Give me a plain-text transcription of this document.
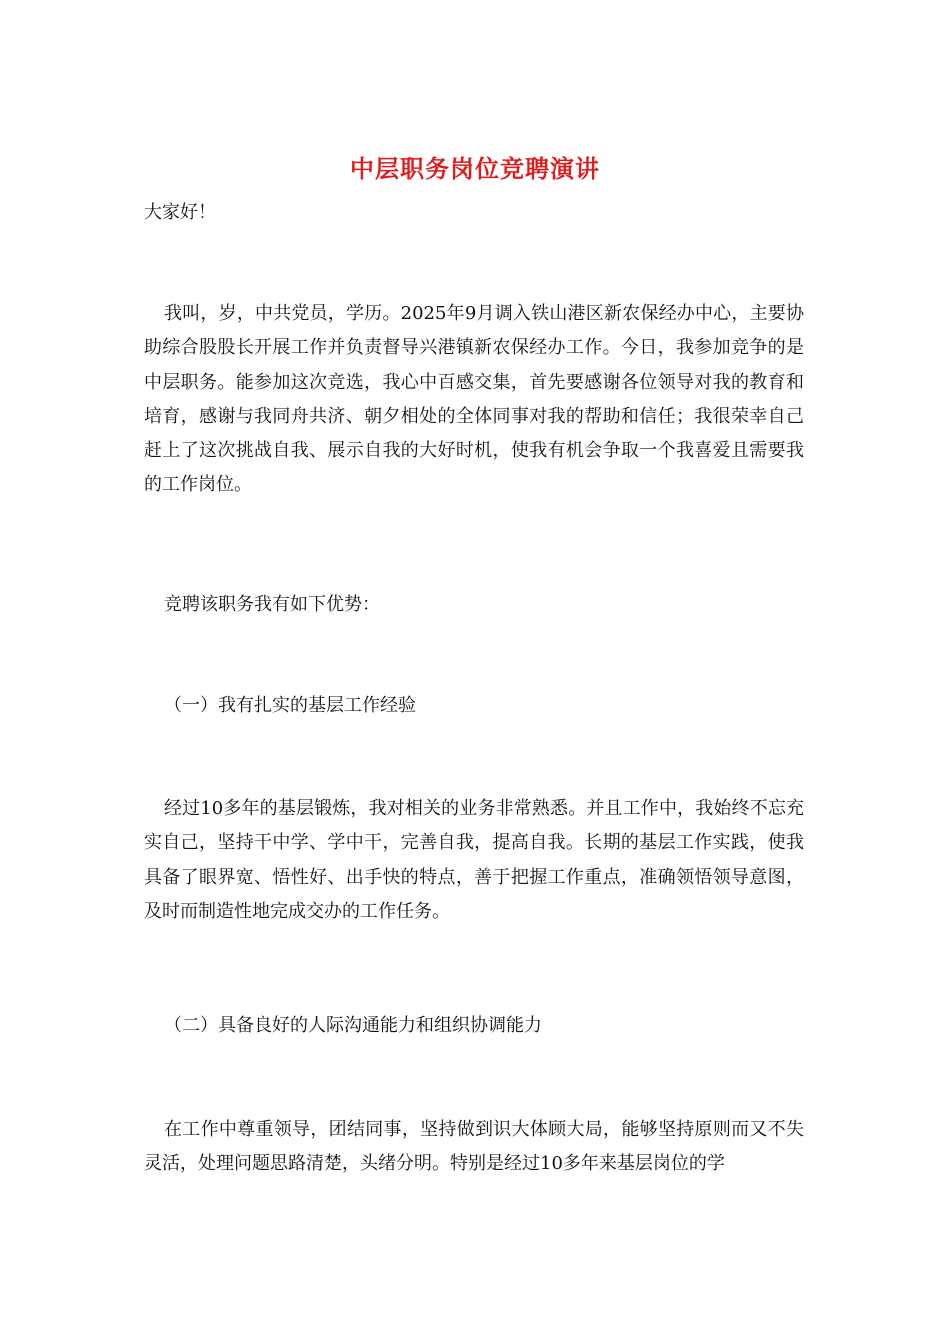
中层职务岗位竞聘演讲
大家好！

我叫，岁，中共党员，学历。2025年9月调入铁山港区新农保经办中心，主要协助综合股股长开展工作并负责督导兴港镇新农保经办工作。今日，我参加竞争的是中层职务。能参加这次竞选，我心中百感交集，首先要感谢各位领导对我的教育和培育，感谢与我同舟共济、朝夕相处的全体同事对我的帮助和信任；我很荣幸自己赶上了这次挑战自我、展示自我的大好时机，使我有机会争取一个我喜爱且需要我的工作岗位。

竞聘该职务我有如下优势：
（一）我有扎实的基层工作经验

经过10多年的基层锻炼，我对相关的业务非常熟悉。并且工作中，我始终不忘充实自己，坚持干中学、学中干，完善自我，提高自我。长期的基层工作实践，使我具备了眼界宽、悟性好、出手快的特点，善于把握工作重点，准确领悟领导意图，及时而制造性地完成交办的工作任务。

（二）具备良好的人际沟通能力和组织协调能力

在工作中尊重领导，团结同事，坚持做到识大体顾大局，能够坚持原则而又不失灵活，处理问题思路清楚，头绪分明。特别是经过10多年来基层岗位的学
